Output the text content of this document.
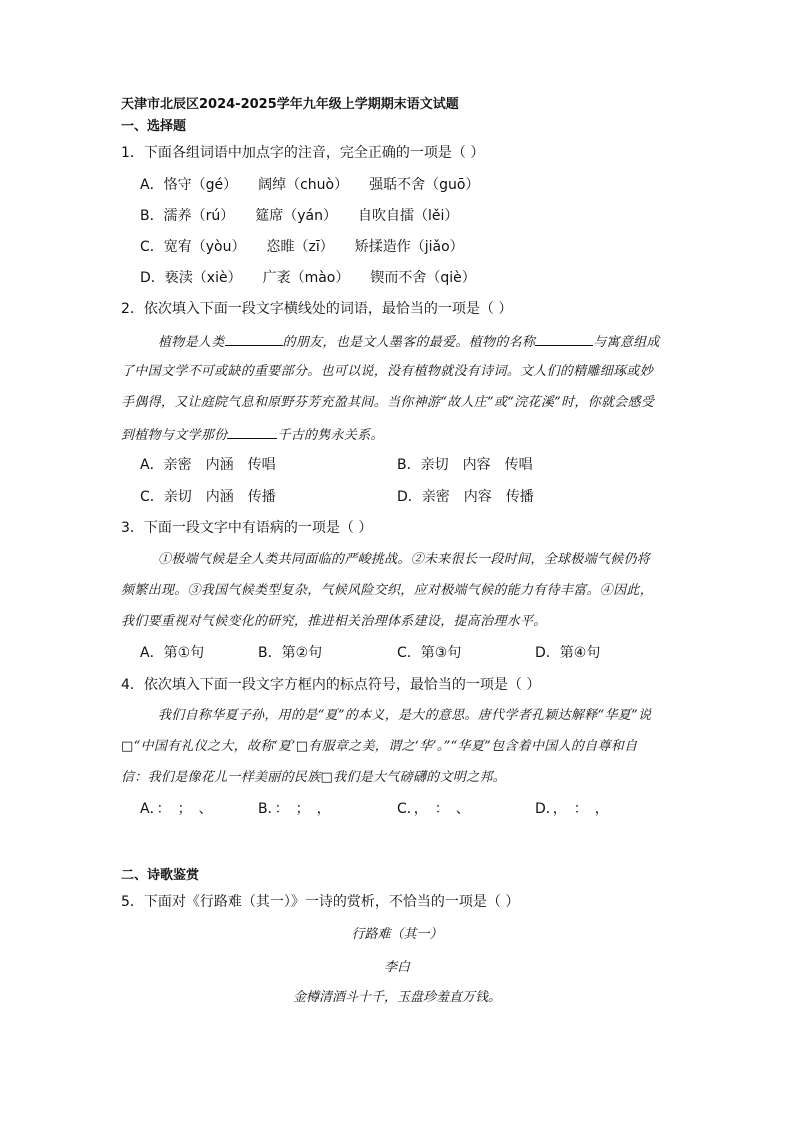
天津市北辰区2024-2025学年九年级上学期期末语文试题
一、选择题
1．下面各组词语中加点字的注音，完全正确的一项是（ ）
A．恪守（gé）　　阔绰（chuò）　　强聒不舍（guō）
B．濡养（rú）　　筵席（yán）　　自吹自擂（lěi）
C．宽宥（yòu）　　恣睢（zī）　　矫揉造作（jiǎo）
D．亵渎（xiè）　　广袤（mào）　　锲而不舍（qiè）
2．依次填入下面一段文字横线处的词语，最恰当的一项是（ ）
植物是人类	的朋友，也是文人墨客的最爱。植物的名称	与寓意组成
了中国文学不可或缺的重要部分。也可以说，没有植物就没有诗词。文人们的精雕细琢或妙
手偶得，又让庭院气息和原野芬芳充盈其间。当你神游“故人庄”或“浣花溪”时，你就会感受
到植物与文学那份	千古的隽永关系。
A．亲密　内涵　传唱	B．亲切　内容　传唱
C．亲切　内涵　传播	D．亲密　内容　传播
3．下面一段文字中有语病的一项是（ ）
①极端气候是全人类共同面临的严峻挑战。②未来很长一段时间，全球极端气候仍将
频繁出现。③我国气候类型复杂，气候风险交织，应对极端气候的能力有待丰富。④因此，
我们要重视对气候变化的研究，推进相关治理体系建设，提高治理水平。
A．第①句	B．第②句	C．第③句	D．第④句
4．依次填入下面一段文字方框内的标点符号，最恰当的一项是（ ）
我们自称华夏子孙，用的是“夏”的本义，是大的意思。唐代学者孔颖达解释“华夏”说
□“中国有礼仪之大，故称‘夏’□有服章之美，谓之‘华’。”“华夏”包含着中国人的自尊和自
信：我们是像花儿一样美丽的民族□我们是大气磅礴的文明之邦。
A．：　；　、	B．：　；　，	C．，　：　、	D．，　：　，
二、诗歌鉴赏
5．下面对《行路难（其一）》一诗的赏析，不恰当的一项是（ ）
行路难（其一）
李白
金樽清酒斗十千，玉盘珍羞直万钱。
